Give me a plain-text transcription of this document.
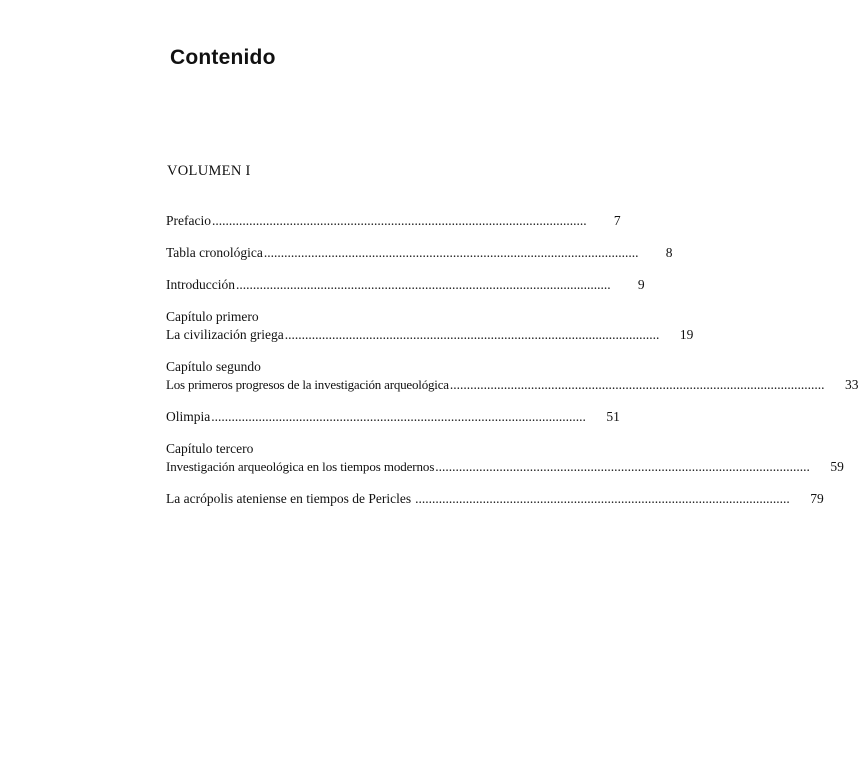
Contenido
VOLUMEN I
Prefacio ...............................................................................................................	7
Tabla cronológica ...............................................................................................................	8
Introducción ...............................................................................................................	9
Capítulo primero
La civilización griega ...............................................................................................................	19
Capítulo segundo
Los primeros progresos de la investigación arqueológica ...............................................................................................................	33
Olimpia ...............................................................................................................	51
Capítulo tercero
Investigación arqueológica en los tiempos modernos ...............................................................................................................	59
La acrópolis ateniense en tiempos de Pericles ...............................................................................................................	79
